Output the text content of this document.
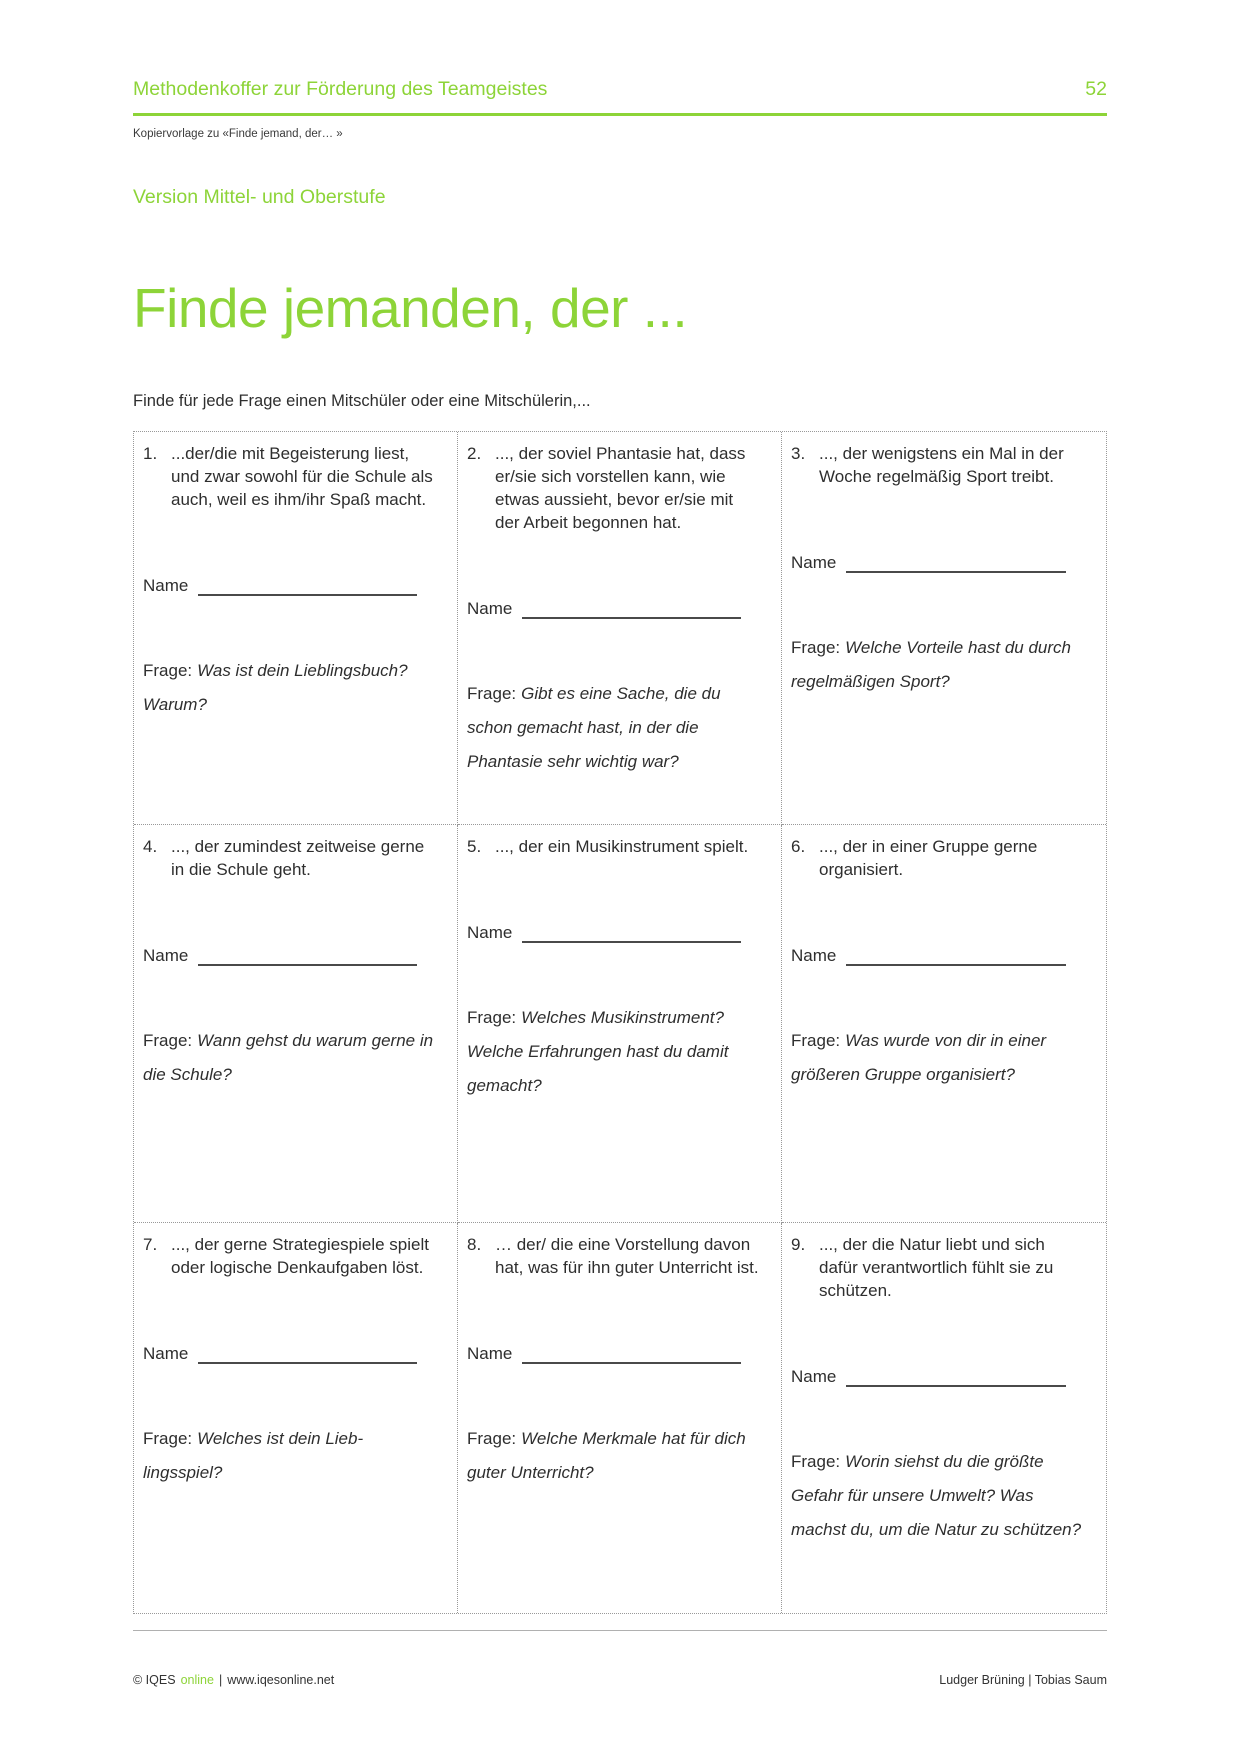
Methodenkoffer zur Förderung des Teamgeistes	52
Kopiervorlage zu «Finde jemand, der… »
Version Mittel- und Oberstufe
Finde jemanden, der ...
Finde für jede Frage einen Mitschüler oder eine Mitschülerin,...
1. ...der/die mit Begeisterung liest, und zwar sowohl für die Schule als auch, weil es ihm/ihr Spaß macht.
Name
Frage: Was ist dein Lieblingsbuch? Warum?
2. ..., der soviel Phantasie hat, dass er/sie sich vorstellen kann, wie etwas aussieht, bevor er/sie mit der Arbeit begonnen hat.
Name
Frage: Gibt es eine Sache, die du schon gemacht hast, in der die Phantasie sehr wichtig war?
3. ..., der wenigstens ein Mal in der Woche regelmäßig Sport treibt.
Name
Frage: Welche Vorteile hast du durch regelmäßigen Sport?
4. ..., der zumindest zeitweise gerne in die Schule geht.
Name
Frage: Wann gehst du warum gerne in die Schule?
5. ..., der ein Musikinstrument spielt.
Name
Frage: Welches Musikinstrument? Welche Erfahrungen hast du damit gemacht?
6. ..., der in einer Gruppe gerne organisiert.
Name
Frage: Was wurde von dir in einer größeren Gruppe organisiert?
7. ..., der gerne Strategiespiele spielt oder logische Denkaufgaben löst.
Name
Frage: Welches ist dein Lieblingsspiel?
8. … der/ die eine Vorstellung davon hat, was für ihn guter Unterricht ist.
Name
Frage: Welche Merkmale hat für dich guter Unterricht?
9. ..., der die Natur liebt und sich dafür verantwortlich fühlt sie zu schützen.
Name
Frage: Worin siehst du die größte Gefahr für unsere Umwelt? Was machst du, um die Natur zu schützen?
© IQES online | www.iqesonline.net	Ludger Brüning | Tobias Saum
